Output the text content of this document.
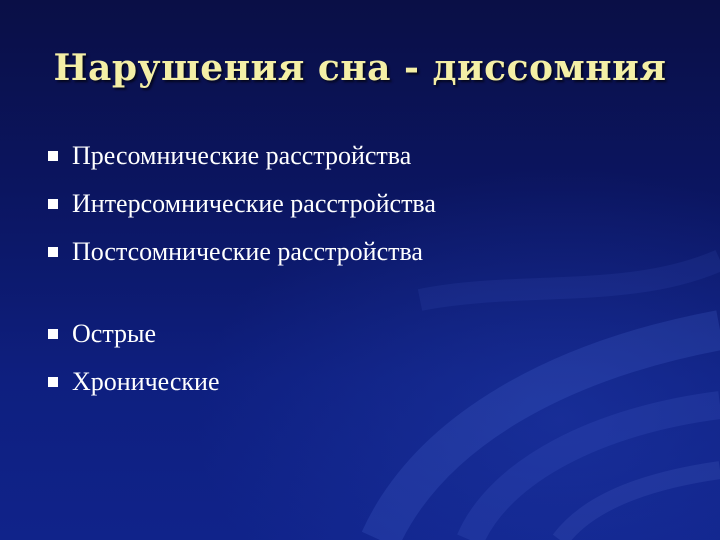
Нарушения сна - диссомния
Пресомнические расстройства
Интерсомнические расстройства
Постсомнические расстройства
Острые
Хронические
